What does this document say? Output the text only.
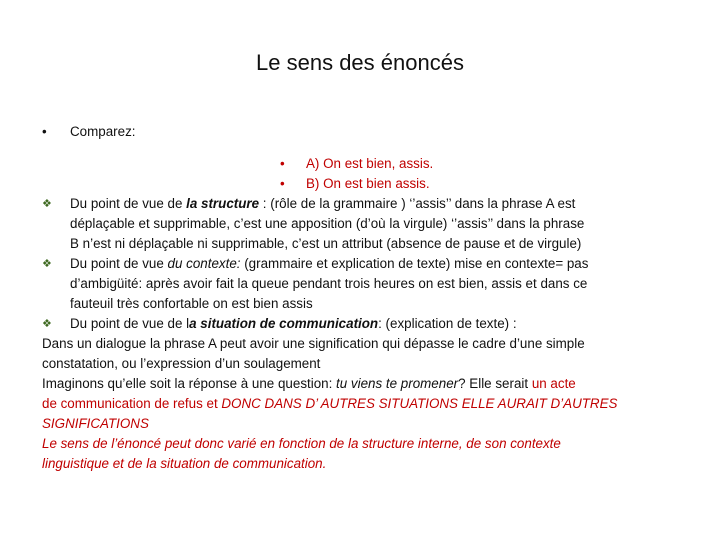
Le sens des énoncés
•	Comparez:
• A) On est bien, assis.
• B) On est bien assis.
❖	Du point de vue de la structure : (rôle de la grammaire ) ‘’assis’’ dans la phrase A est
déplaçable et supprimable, c’est une apposition (d’où la virgule) ‘’assis’’ dans la phrase
B n’est ni déplaçable ni supprimable, c’est un attribut (absence de pause et de virgule)
❖	Du point de vue du contexte: (grammaire et explication de texte) mise en contexte= pas
d’ambigüité: après avoir fait la queue pendant trois heures on est bien, assis et dans ce
fauteuil très confortable on est bien assis
❖	Du point de vue de la situation de communication: (explication de texte) :
Dans un dialogue la phrase A peut avoir une signification qui dépasse le cadre d’une simple
constatation, ou l’expression d’un soulagement
Imaginons qu’elle soit la réponse à une question: tu viens te promener? Elle serait un acte
de communication de refus et DONC DANS D’ AUTRES SITUATIONS ELLE AURAIT D’AUTRES
SIGNIFICATIONS
Le sens de l’énoncé peut donc varié en fonction de la structure interne, de son contexte
linguistique et de la situation de communication.
